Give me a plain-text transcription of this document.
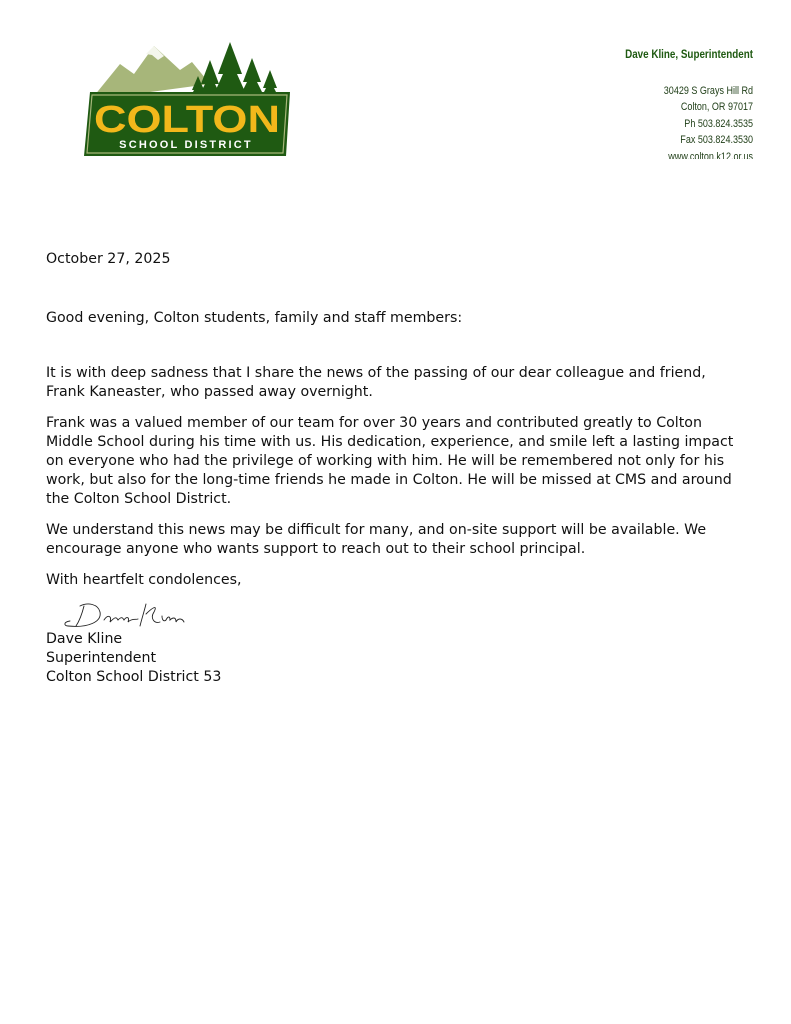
COLTON
SCHOOL DISTRICT
Dave Kline, Superintendent
30429 S Grays Hill Rd
Colton, OR 97017
Ph 503.824.3535
Fax 503.824.3530
www.colton.k12.or.us

October 27, 2025

Good evening, Colton students, family and staff members:

It is with deep sadness that I share the news of the passing of our dear colleague and friend, Frank Kaneaster, who passed away overnight.

Frank was a valued member of our team for over 30 years and contributed greatly to Colton Middle School during his time with us. His dedication, experience, and smile left a lasting impact on everyone who had the privilege of working with him. He will be remembered not only for his work, but also for the long-time friends he made in Colton. He will be missed at CMS and around the Colton School District.

We understand this news may be difficult for many, and on-site support will be available. We encourage anyone who wants support to reach out to their school principal.

With heartfelt condolences,

Dave Kline

Superintendent

Colton School District 53
